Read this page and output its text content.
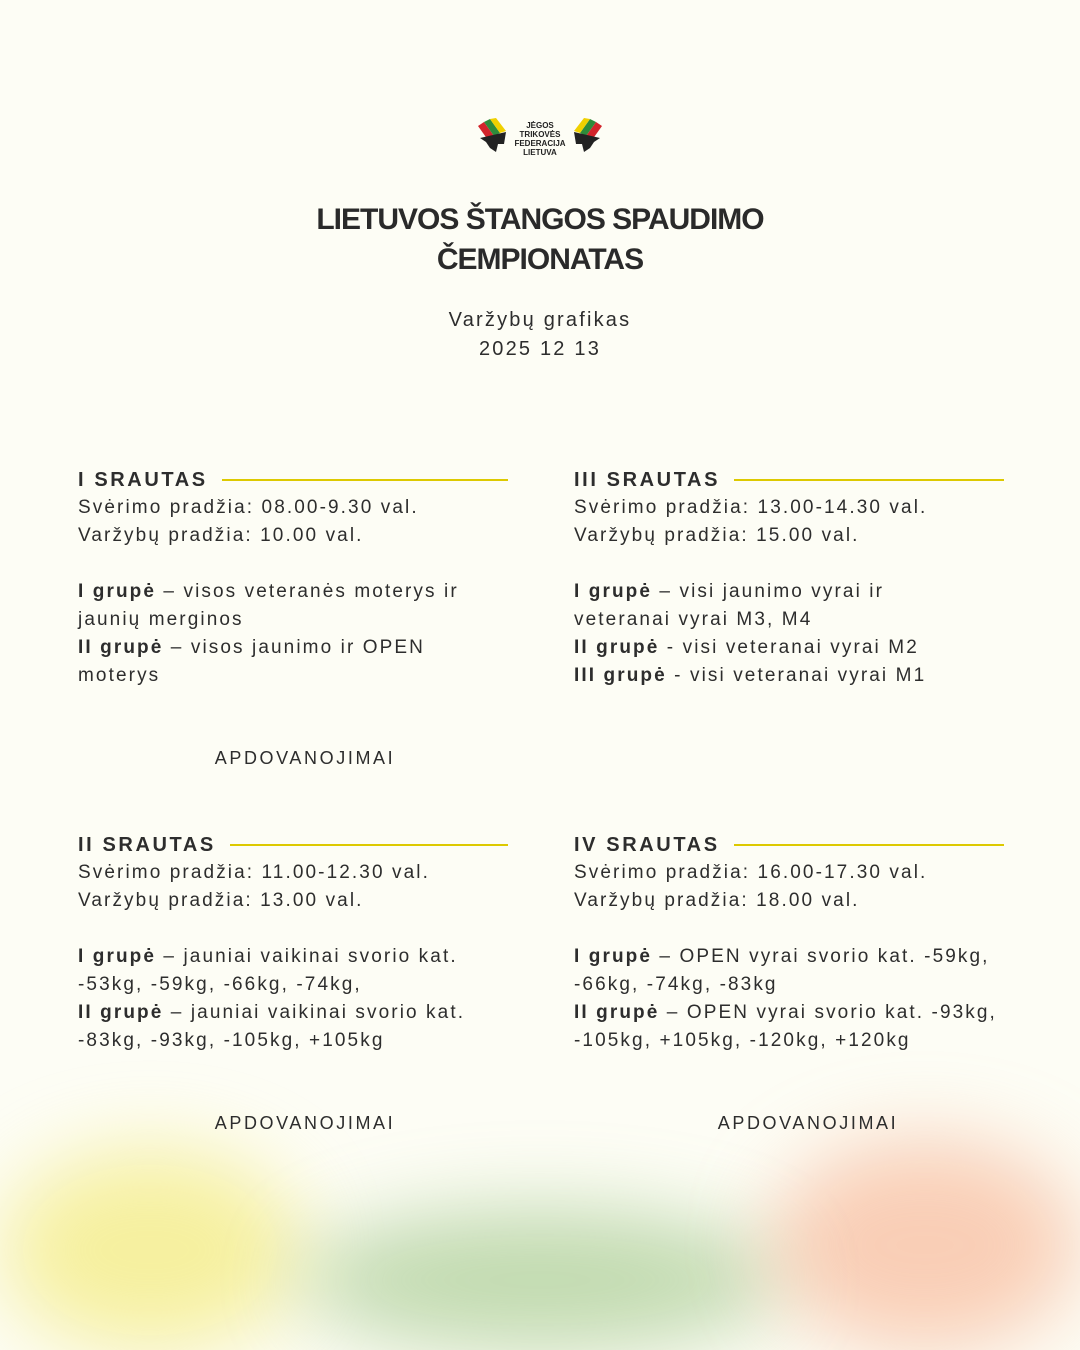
JĖGOS TRIKOVĖS
FEDERACIJA
LIETUVA
LIETUVOS ŠTANGOS SPAUDIMO
ČEMPIONATAS
Varžybų grafikas
2025 12 13
I SRAUTAS
Svėrimo pradžia: 08.00-9.30 val.
Varžybų pradžia: 10.00 val.
I grupė – visos veteranės moterys ir
jaunių merginos
II grupė – visos jaunimo ir OPEN
moterys
III SRAUTAS
Svėrimo pradžia: 13.00-14.30 val.
Varžybų pradžia: 15.00 val.
I grupė – visi jaunimo vyrai ir
veteranai vyrai M3, M4
II grupė - visi veteranai vyrai M2
III grupė - visi veteranai vyrai M1
II SRAUTAS
Svėrimo pradžia: 11.00-12.30 val.
Varžybų pradžia: 13.00 val.
I grupė – jauniai vaikinai svorio kat.
-53kg, -59kg, -66kg, -74kg,
II grupė – jauniai vaikinai svorio kat.
-83kg, -93kg, -105kg, +105kg
IV SRAUTAS
Svėrimo pradžia: 16.00-17.30 val.
Varžybų pradžia: 18.00 val.
I grupė – OPEN vyrai svorio kat. -59kg,
-66kg, -74kg, -83kg
II grupė – OPEN vyrai svorio kat. -93kg,
-105kg, +105kg, -120kg, +120kg
APDOVANOJIMAI
APDOVANOJIMAI	APDOVANOJIMAI
